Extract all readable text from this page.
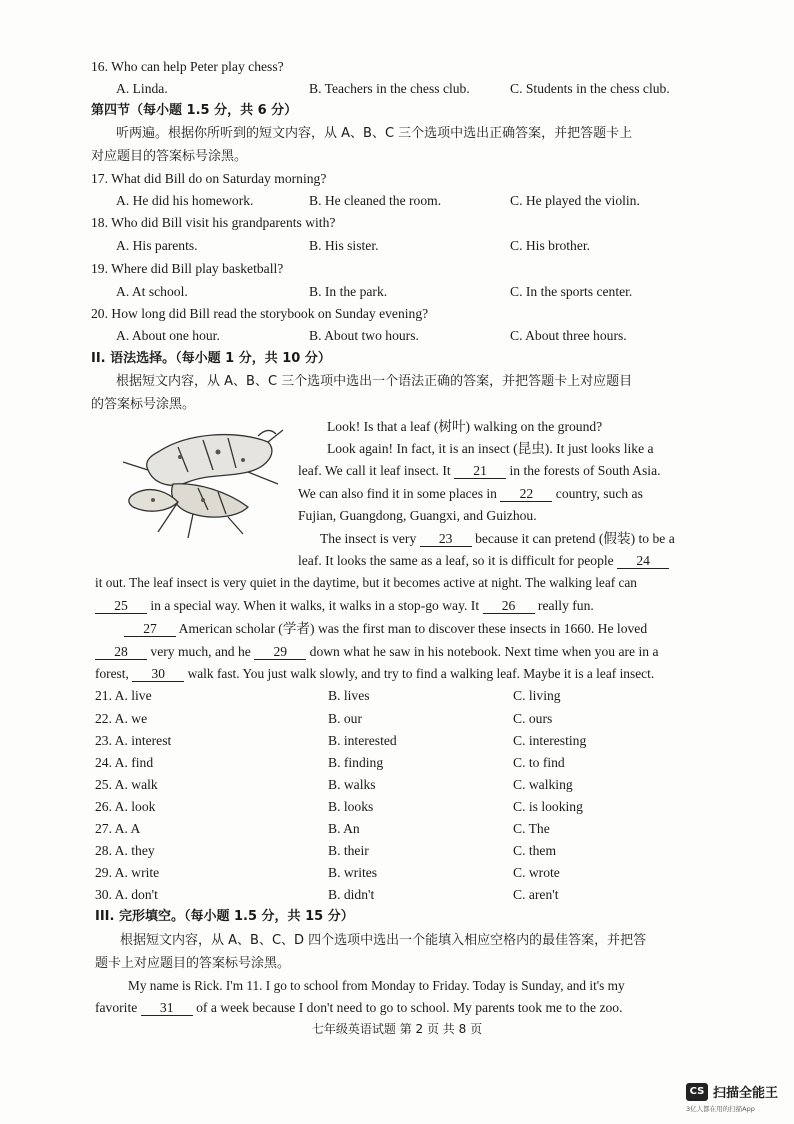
16. Who can help Peter play chess?
A. Linda.	B. Teachers in the chess club.	C. Students in the chess club.
第四节（每小题 1.5 分，共 6 分）
听两遍。根据你所听到的短文内容，从 A、B、C 三个选项中选出正确答案，并把答题卡上
对应题目的答案标号涂黑。
17. What did Bill do on Saturday morning?
A. He did his homework.	B. He cleaned the room.	C. He played the violin.
18. Who did Bill visit his grandparents with?
A. His parents.	B. His sister.	C. His brother.
19. Where did Bill play basketball?
A. At school.	B. In the park.	C. In the sports center.
20. How long did Bill read the storybook on Sunday evening?
A. About one hour.	B. About two hours.	C. About three hours.
II. 语法选择。（每小题 1 分，共 10 分）
根据短文内容，从 A、B、C 三个选项中选出一个语法正确的答案，并把答题卡上对应题目
的答案标号涂黑。
Look! Is that a leaf (树叶) walking on the ground?
Look again! In fact, it is an insect (昆虫). It just looks like a
leaf. We call it leaf insect. It 21 in the forests of South Asia.
We can also find it in some places in 22 country, such as
Fujian, Guangdong, Guangxi, and Guizhou.
The insect is very 23 because it can pretend (假装) to be a
leaf. It looks the same as a leaf, so it is difficult for people 24
it out. The leaf insect is very quiet in the daytime, but it becomes active at night. The walking leaf can
25 in a special way. When it walks, it walks in a stop-go way. It 26 really fun.
27 American scholar (学者) was the first man to discover these insects in 1660. He loved
28 very much, and he 29 down what he saw in his notebook. Next time when you are in a
forest, 30 walk fast. You just walk slowly, and try to find a walking leaf. Maybe it is a leaf insect.
21. A. live	B. lives	C. living
22. A. we	B. our	C. ours
23. A. interest	B. interested	C. interesting
24. A. find	B. finding	C. to find
25. A. walk	B. walks	C. walking
26. A. look	B. looks	C. is looking
27. A. A	B. An	C. The
28. A. they	B. their	C. them
29. A. write	B. writes	C. wrote
30. A. don't	B. didn't	C. aren't
III. 完形填空。（每小题 1.5 分，共 15 分）
根据短文内容，从 A、B、C、D 四个选项中选出一个能填入相应空格内的最佳答案，并把答
题卡上对应题目的答案标号涂黑。
My name is Rick. I'm 11. I go to school from Monday to Friday. Today is Sunday, and it's my
favorite 31 of a week because I don't need to go to school. My parents took me to the zoo.
七年级英语试题 第 2 页 共 8 页
CS 扫描全能王
3亿人都在用的扫描App
